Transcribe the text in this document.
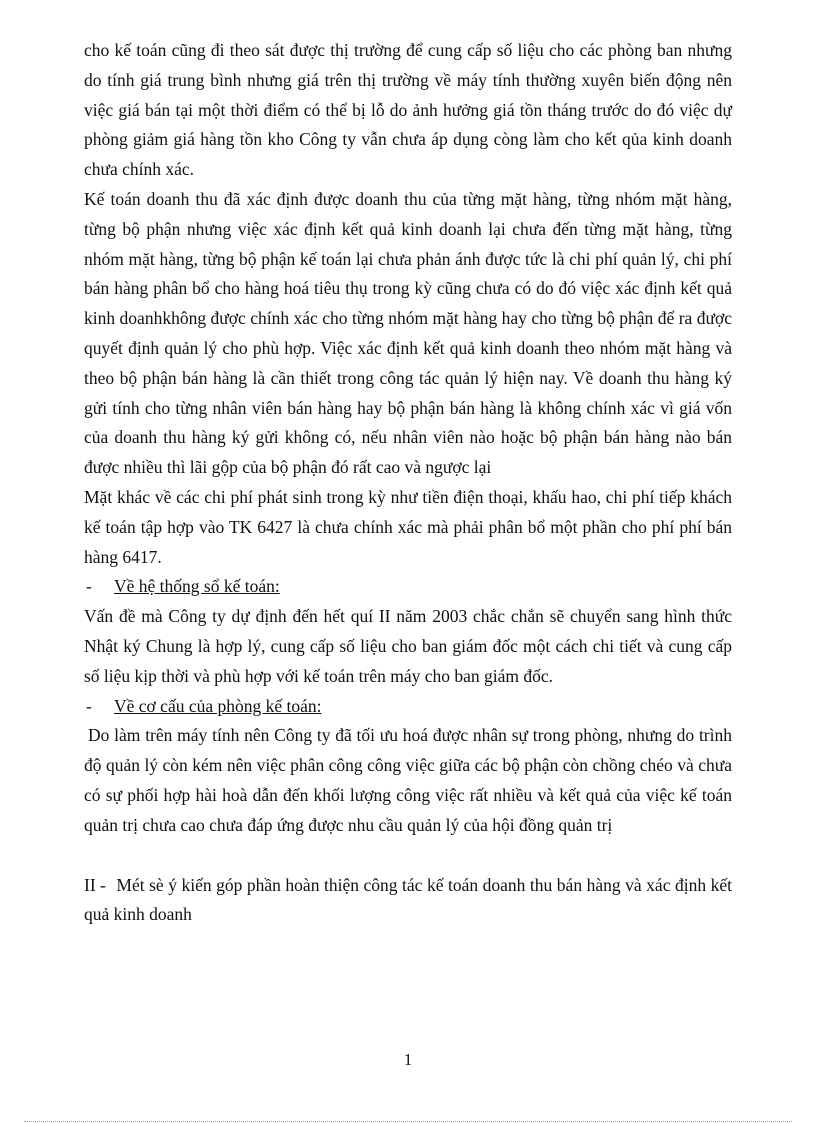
cho kế toán cũng đi theo sát được thị trường để cung cấp số liệu cho các phòng ban nhưng do tính giá trung bình nhưng giá trên thị trường về máy tính thường xuyên biến động nên việc giá bán tại một thời điểm có thể bị lỗ do ảnh hưởng giá tồn tháng trước do đó việc dự phòng giảm giá hàng tồn kho Công ty vẫn chưa áp dụng còng làm cho kết qủa kinh doanh chưa chính xác.

Kế toán doanh thu đã xác định được doanh thu của từng mặt hàng, từng nhóm mặt hàng, từng bộ phận nhưng việc xác định kết quả kinh doanh lại chưa đến từng mặt hàng, từng nhóm mặt hàng, từng bộ phận kế toán lại chưa phản ánh được tức là chi phí quản lý, chi phí bán hàng phân bổ cho hàng hoá tiêu thụ trong kỳ cũng chưa có do đó việc xác định kết quả kinh doanhkhông được chính xác cho từng nhóm mặt hàng hay cho từng bộ phận để ra được quyết định quản lý cho phù hợp. Việc xác định kết quả kinh doanh theo nhóm mặt hàng và theo bộ phận bán hàng là cần thiết trong công tác quản lý hiện nay. Về doanh thu hàng ký gửi tính cho từng nhân viên bán hàng hay bộ phận bán hàng là không chính xác vì giá vốn của doanh thu hàng ký gửi không có, nếu nhân viên nào hoặc bộ phận bán hàng nào bán được nhiều thì lãi gộp của bộ phận đó rất cao và ngược lại

Mặt khác về các chi phí phát sinh trong kỳ như tiền điện thoại, khấu hao, chi phí tiếp khách kế toán tập hợp vào TK 6427 là chưa chính xác mà phải phân bổ một phần cho phí phí bán hàng 6417.

- Về hệ thống sổ kế toán:

Vấn đề mà Công ty dự định đến hết quí II năm 2003 chắc chắn sẽ chuyển sang hình thức Nhật ký Chung là hợp lý, cung cấp số liệu cho ban giám đốc một cách chi tiết và cung cấp số liệu kịp thời và phù hợp với kế toán trên máy cho ban giám đốc.

- Về cơ cấu của phòng kế toán:

Do làm trên máy tính nên Công ty đã tối ưu hoá được nhân sự trong phòng, nhưng do trình độ quản lý còn kém nên việc phân công công việc giữa các bộ phận còn chồng chéo và chưa có sự phối hợp hài hoà dẫn đến khối lượng công việc rất nhiều và kết quả của việc kế toán quản trị chưa cao chưa đáp ứng được nhu cầu quản lý của hội đồng quản trị

II - Mét sè ý kiến góp phần hoàn thiện công tác kế toán doanh thu bán hàng và xác định kết quả kinh doanh

1
